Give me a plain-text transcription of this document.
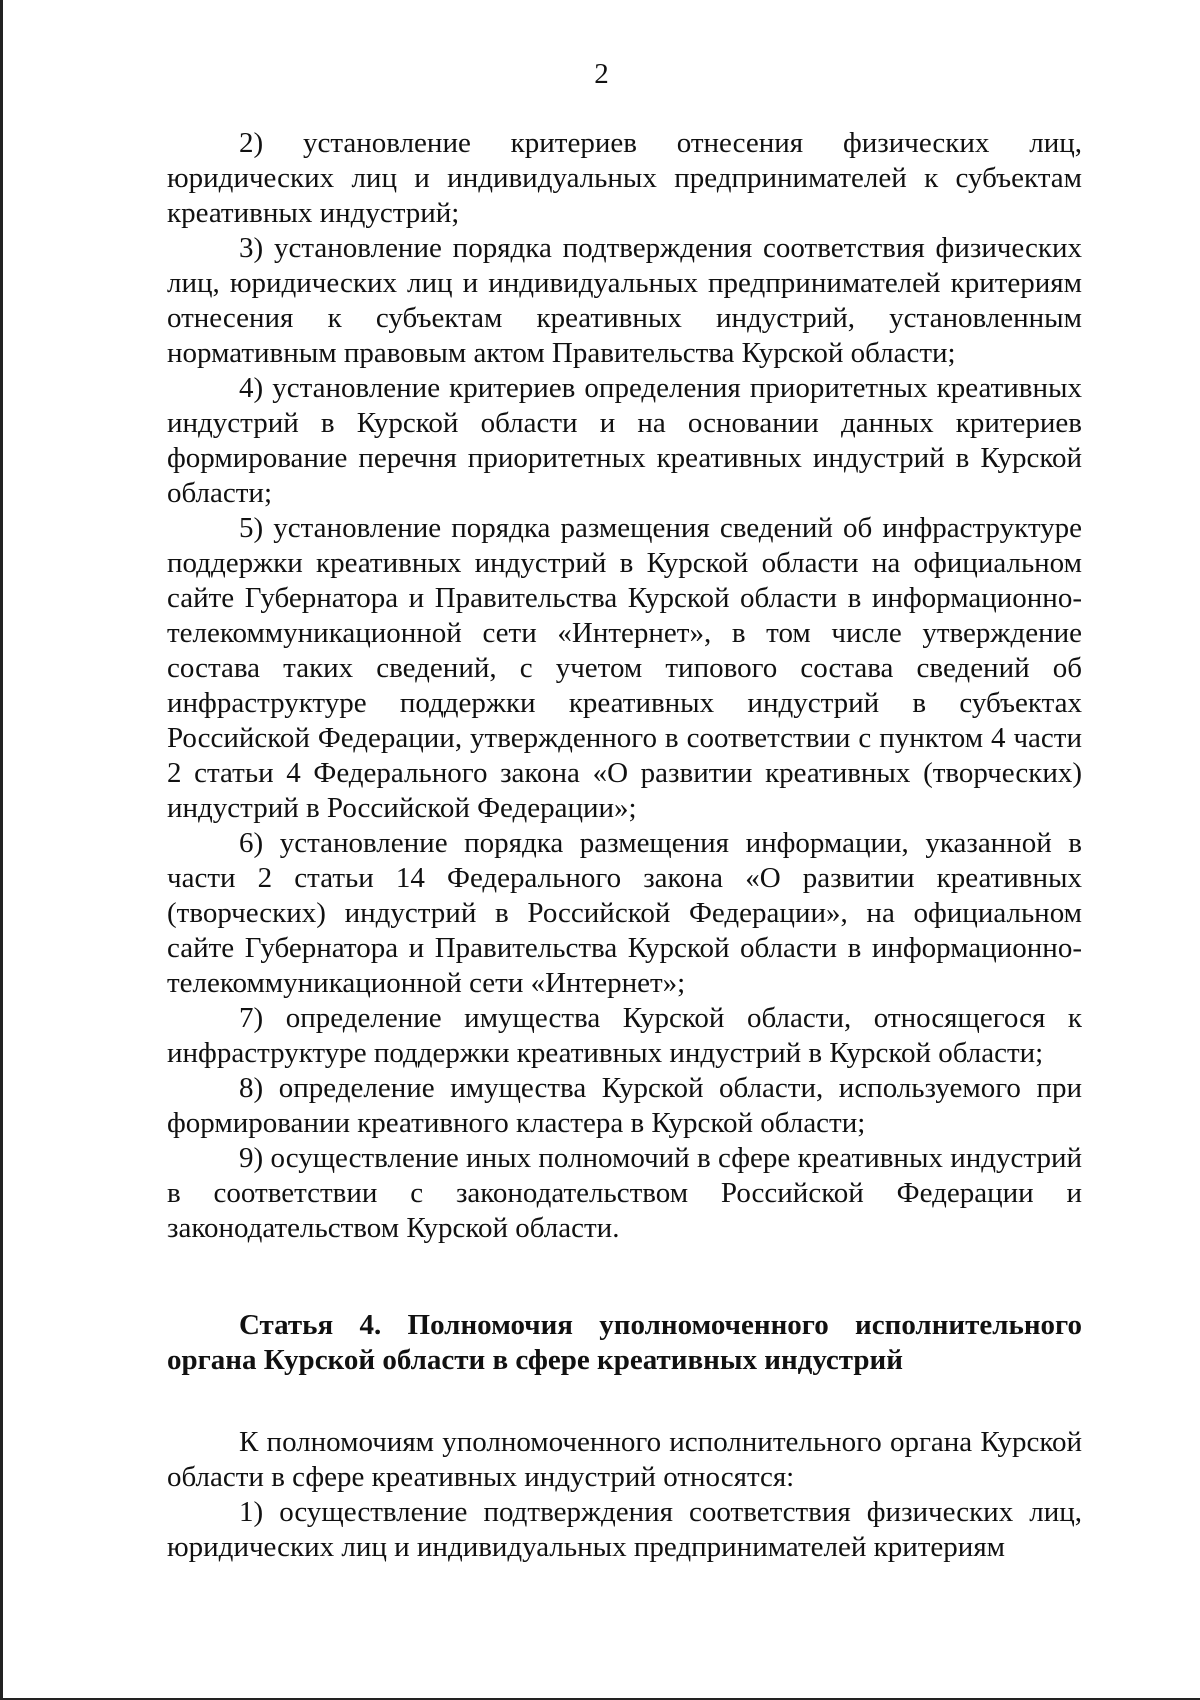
2

2) установление критериев отнесения физических лиц, юридических лиц и индивидуальных предпринимателей к субъектам креативных индустрий;

3) установление порядка подтверждения соответствия физических лиц, юридических лиц и индивидуальных предпринимателей критериям отнесения к субъектам креативных индустрий, установленным нормативным правовым актом Правительства Курской области;

4) установление критериев определения приоритетных креативных индустрий в Курской области и на основании данных критериев формирование перечня приоритетных креативных индустрий в Курской области;

5) установление порядка размещения сведений об инфраструктуре поддержки креативных индустрий в Курской области на официальном сайте Губернатора и Правительства Курской области в информационно-телекоммуникационной сети «Интернет», в том числе утверждение состава таких сведений, с учетом типового состава сведений об инфраструктуре поддержки креативных индустрий в субъектах Российской Федерации, утвержденного в соответствии с пунктом 4 части 2 статьи 4 Федерального закона «О развитии креативных (творческих) индустрий в Российской Федерации»;

6) установление порядка размещения информации, указанной в части 2 статьи 14 Федерального закона «О развитии креативных (творческих) индустрий в Российской Федерации», на официальном сайте Губернатора и Правительства Курской области в информационно-телекоммуникационной сети «Интернет»;

7) определение имущества Курской области, относящегося к инфраструктуре поддержки креативных индустрий в Курской области;

8) определение имущества Курской области, используемого при формировании креативного кластера в Курской области;

9) осуществление иных полномочий в сфере креативных индустрий в соответствии с законодательством Российской Федерации и законодательством Курской области.

Статья 4. Полномочия уполномоченного исполнительного органа Курской области в сфере креативных индустрий

К полномочиям уполномоченного исполнительного органа Курской области в сфере креативных индустрий относятся:

1) осуществление подтверждения соответствия физических лиц, юридических лиц и индивидуальных предпринимателей критериям
